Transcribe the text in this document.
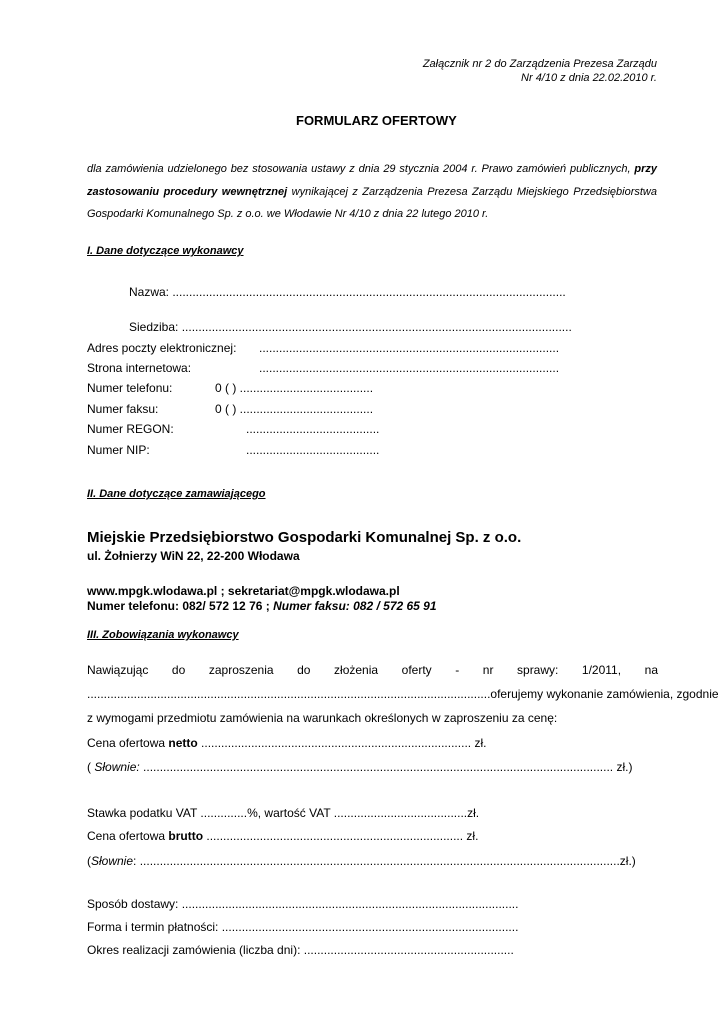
Załącznik nr 2 do Zarządzenia Prezesa Zarządu
Nr 4/10 z dnia 22.02.2010 r.
FORMULARZ OFERTOWY
dla zamówienia udzielonego bez stosowania ustawy z dnia 29 stycznia 2004 r. Prawo zamówień publicznych, przy
zastosowaniu procedury wewnętrznej wynikającej z Zarządzenia Prezesa Zarządu Miejskiego Przedsiębiorstwa
Gospodarki Komunalnego Sp. z o.o. we Włodawie Nr 4/10 z dnia 22 lutego 2010 r.
I. Dane dotyczące wykonawcy
Nazwa: ......................................................................................................................
Siedziba: .....................................................................................................................
Adres poczty elektronicznej: ..........................................................................................
Strona internetowa:	..........................................................................................
Numer telefonu:	0 ( ) ........................................
Numer faksu:	0 ( ) ........................................
Numer REGON:	........................................
Numer NIP:	........................................
II. Dane dotyczące zamawiającego
Miejskie Przedsiębiorstwo Gospodarki Komunalnej Sp. z o.o.
ul. Żołnierzy WiN 22, 22-200 Włodawa
www.mpgk.wlodawa.pl ; sekretariat@mpgk.wlodawa.pl
Numer telefonu: 082/ 572 12 76 ; Numer faksu: 082 / 572 65 91
III. Zobowiązania wykonawcy
Nawiązując do zaproszenia do złożenia oferty - nr sprawy: 1/2011, na
......................................................................................................................... oferujemy wykonanie zamówienia, zgodnie
z wymogami przedmiotu zamówienia na warunkach określonych w zaproszeniu za cenę:
Cena ofertowa netto ................................................................................. zł.
( Słownie: ............................................................................................................................................. zł.)
Stawka podatku VAT ..............%, wartość VAT ........................................zł.
Cena ofertowa brutto ............................................................................. zł.
(Słownie: ................................................................................................................................................zł.)
Sposób dostawy: .....................................................................................................
Forma i termin płatności: .........................................................................................
Okres realizacji zamówienia (liczba dni): ...............................................................
